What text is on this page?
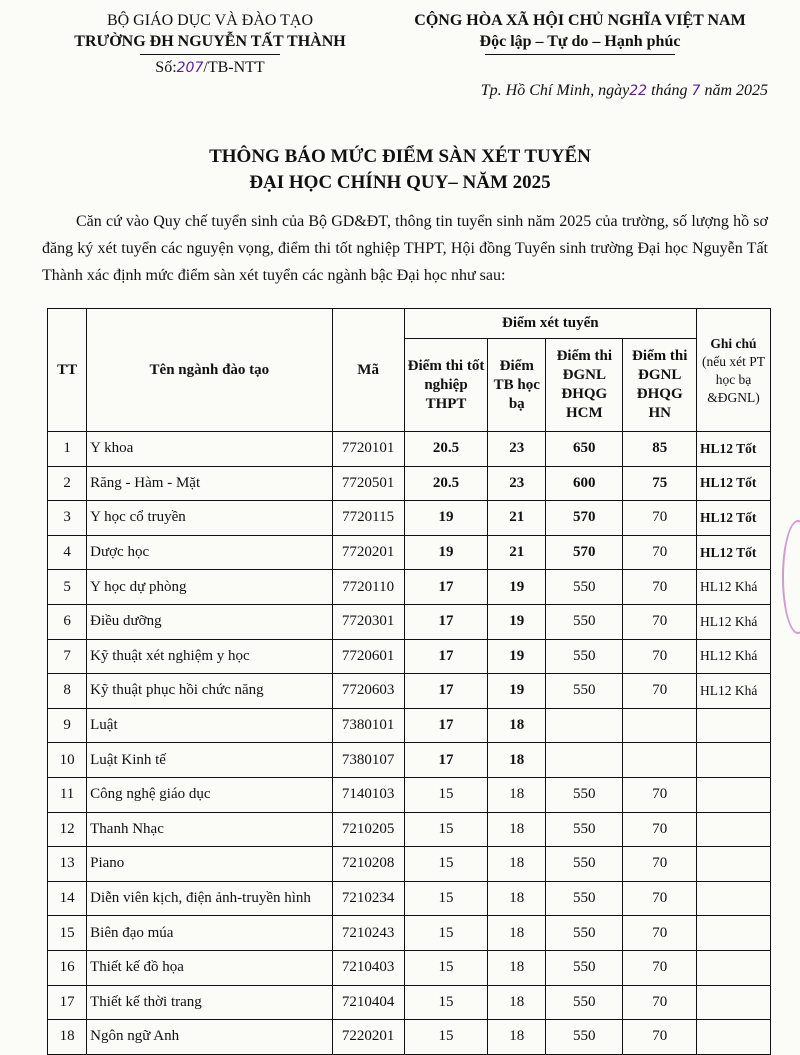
BỘ GIÁO DỤC VÀ ĐÀO TẠO
TRƯỜNG ĐH NGUYỄN TẤT THÀNH
Số:207/TB-NTT
CỘNG HÒA XÃ HỘI CHỦ NGHĨA VIỆT NAM
Độc lập – Tự do – Hạnh phúc
Tp. Hồ Chí Minh, ngày22 tháng 7 năm 2025
THÔNG BÁO MỨC ĐIỂM SÀN XÉT TUYỂN
ĐẠI HỌC CHÍNH QUY– NĂM 2025
Căn cứ vào Quy chế tuyển sinh của Bộ GD&ĐT, thông tin tuyển sinh năm 2025 của trường, số lượng hồ sơ đăng ký xét tuyển các nguyện vọng, điểm thi tốt nghiệp THPT, Hội đồng Tuyển sinh trường Đại học Nguyễn Tất Thành xác định mức điểm sàn xét tuyển các ngành bậc Đại học như sau:
TT	Tên ngành đào tạo	Mã	Điểm xét tuyển				Ghi chú
(nếu xét PT học bạ &ĐGNL)

			Điểm thi tốt nghiệp THPT	Điểm TB học bạ	Điểm thi ĐGNL ĐHQG HCM	Điểm thi ĐGNL ĐHQG HN	
1	Y khoa	7720101	20.5	23	650	85	HL12 Tốt
2	Răng - Hàm - Mặt	7720501	20.5	23	600	75	HL12 Tốt
3	Y học cổ truyền	7720115	19	21	570	70	HL12 Tốt
4	Dược học	7720201	19	21	570	70	HL12 Tốt
5	Y học dự phòng	7720110	17	19	550	70	HL12 Khá
6	Điều dưỡng	7720301	17	19	550	70	HL12 Khá
7	Kỹ thuật xét nghiệm y học	7720601	17	19	550	70	HL12 Khá
8	Kỹ thuật phục hồi chức năng	7720603	17	19	550	70	HL12 Khá
9	Luật	7380101	17	18			
10	Luật Kinh tế	7380107	17	18			
11	Công nghệ giáo dục	7140103	15	18	550	70	
12	Thanh Nhạc	7210205	15	18	550	70	
13	Piano	7210208	15	18	550	70	
14	Diễn viên kịch, điện ảnh-truyền hình	7210234	15	18	550	70	
15	Biên đạo múa	7210243	15	18	550	70	
16	Thiết kế đồ họa	7210403	15	18	550	70	
17	Thiết kế thời trang	7210404	15	18	550	70	
18	Ngôn ngữ Anh	7220201	15	18	550	70	
